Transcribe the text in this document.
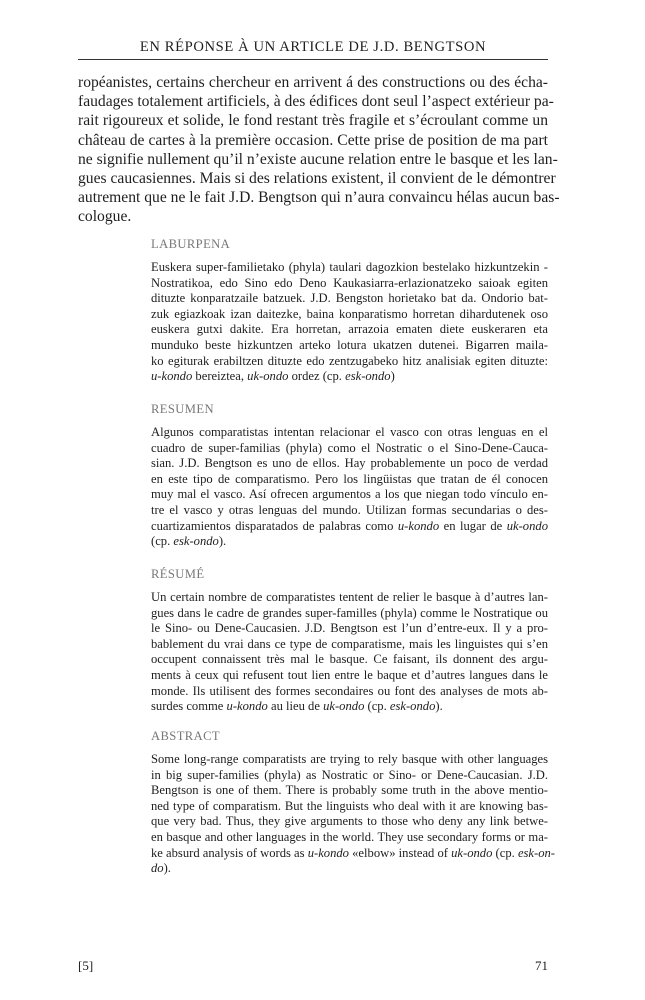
EN RÉPONSE À UN ARTICLE DE J.D. BENGTSON
ropéanistes, certains chercheur en arrivent á des constructions ou des écha-
faudages totalement artificiels, à des édifices dont seul l’aspect extérieur pa-
rait rigoureux et solide, le fond restant très fragile et s’écroulant comme un
château de cartes à la première occasion. Cette prise de position de ma part
ne signifie nullement qu’il n’existe aucune relation entre le basque et les lan-
gues caucasiennes. Mais si des relations existent, il convient de le démontrer
autrement que ne le fait J.D. Bengtson qui n’aura convaincu hélas aucun bas-
cologue.
LABURPENA
Euskera super-familietako (phyla) taulari dagozkion bestelako hizkuntzekin -
Nostratikoa, edo Sino edo Deno Kaukasiarra-erlazionatzeko saioak egiten
dituzte konparatzaile batzuek. J.D. Bengston horietako bat da. Ondorio bat-
zuk egiazkoak izan daitezke, baina konparatismo horretan dihardutenek oso
euskera gutxi dakite. Era horretan, arrazoia ematen diete euskeraren eta
munduko beste hizkuntzen arteko lotura ukatzen dutenei. Bigarren maila-
ko egiturak erabiltzen dituzte edo zentzugabeko hitz analisiak egiten dituzte:
u-kondo bereiztea, uk-ondo ordez (cp. esk-ondo)
RESUMEN
Algunos comparatistas intentan relacionar el vasco con otras lenguas en el
cuadro de super-familias (phyla) como el Nostratic o el Sino-Dene-Cauca-
sian. J.D. Bengtson es uno de ellos. Hay probablemente un poco de verdad
en este tipo de comparatismo. Pero los lingüistas que tratan de él conocen
muy mal el vasco. Así ofrecen argumentos a los que niegan todo vínculo en-
tre el vasco y otras lenguas del mundo. Utilizan formas secundarias o des-
cuartizamientos disparatados de palabras como u-kondo en lugar de uk-ondo
(cp. esk-ondo).
RÉSUMÉ
Un certain nombre de comparatistes tentent de relier le basque à d’autres lan-
gues dans le cadre de grandes super-familles (phyla) comme le Nostratique ou
le Sino- ou Dene-Caucasien. J.D. Bengtson est l’un d’entre-eux. Il y a pro-
bablement du vrai dans ce type de comparatisme, mais les linguistes qui s’en
occupent connaissent très mal le basque. Ce faisant, ils donnent des argu-
ments à ceux qui refusent tout lien entre le baque et d’autres langues dans le
monde. Ils utilisent des formes secondaires ou font des analyses de mots ab-
surdes comme u-kondo au lieu de uk-ondo (cp. esk-ondo).
ABSTRACT
Some long-range comparatists are trying to rely basque with other languages
in big super-families (phyla) as Nostratic or Sino- or Dene-Caucasian. J.D.
Bengtson is one of them. There is probably some truth in the above mentio-
ned type of comparatism. But the linguists who deal with it are knowing bas-
que very bad. Thus, they give arguments to those who deny any link betwe-
en basque and other languages in the world. They use secondary forms or ma-
ke absurd analysis of words as u-kondo «elbow» instead of uk-ondo (cp. esk-on-
do).
[5]	71
